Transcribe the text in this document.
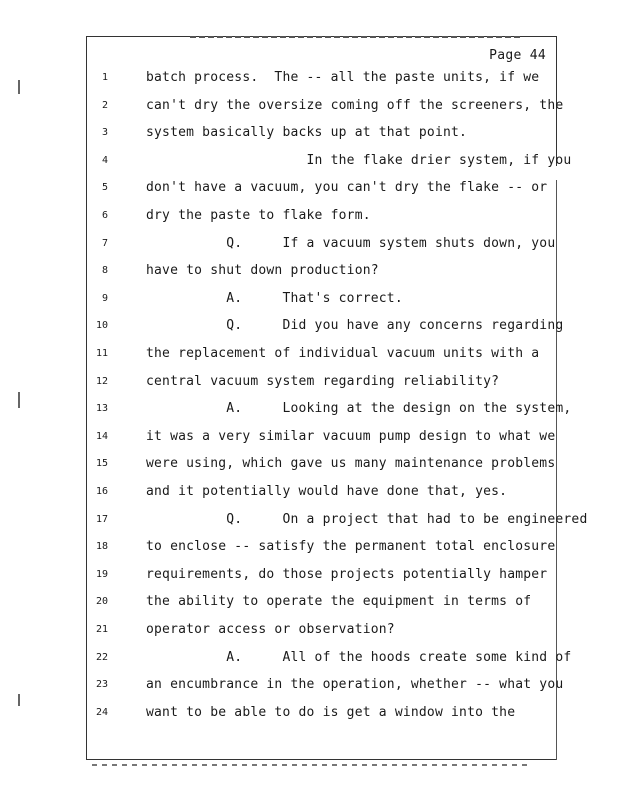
Page 44
1	batch process.  The -- all the paste units, if we
2	can't dry the oversize coming off the screeners, the
3	system basically backs up at that point.
4	In the flake drier system, if you
5	don't have a vacuum, you can't dry the flake -- or
6	dry the paste to flake form.
7	Q.     If a vacuum system shuts down, you
8	have to shut down production?
9	A.     That's correct.
10	Q.     Did you have any concerns regarding
11	the replacement of individual vacuum units with a
12	central vacuum system regarding reliability?
13	A.     Looking at the design on the system,
14	it was a very similar vacuum pump design to what we
15	were using, which gave us many maintenance problems
16	and it potentially would have done that, yes.
17	Q.     On a project that had to be engineered
18	to enclose -- satisfy the permanent total enclosure
19	requirements, do those projects potentially hamper
20	the ability to operate the equipment in terms of
21	operator access or observation?
22	A.     All of the hoods create some kind of
23	an encumbrance in the operation, whether -- what you
24	want to be able to do is get a window into the
